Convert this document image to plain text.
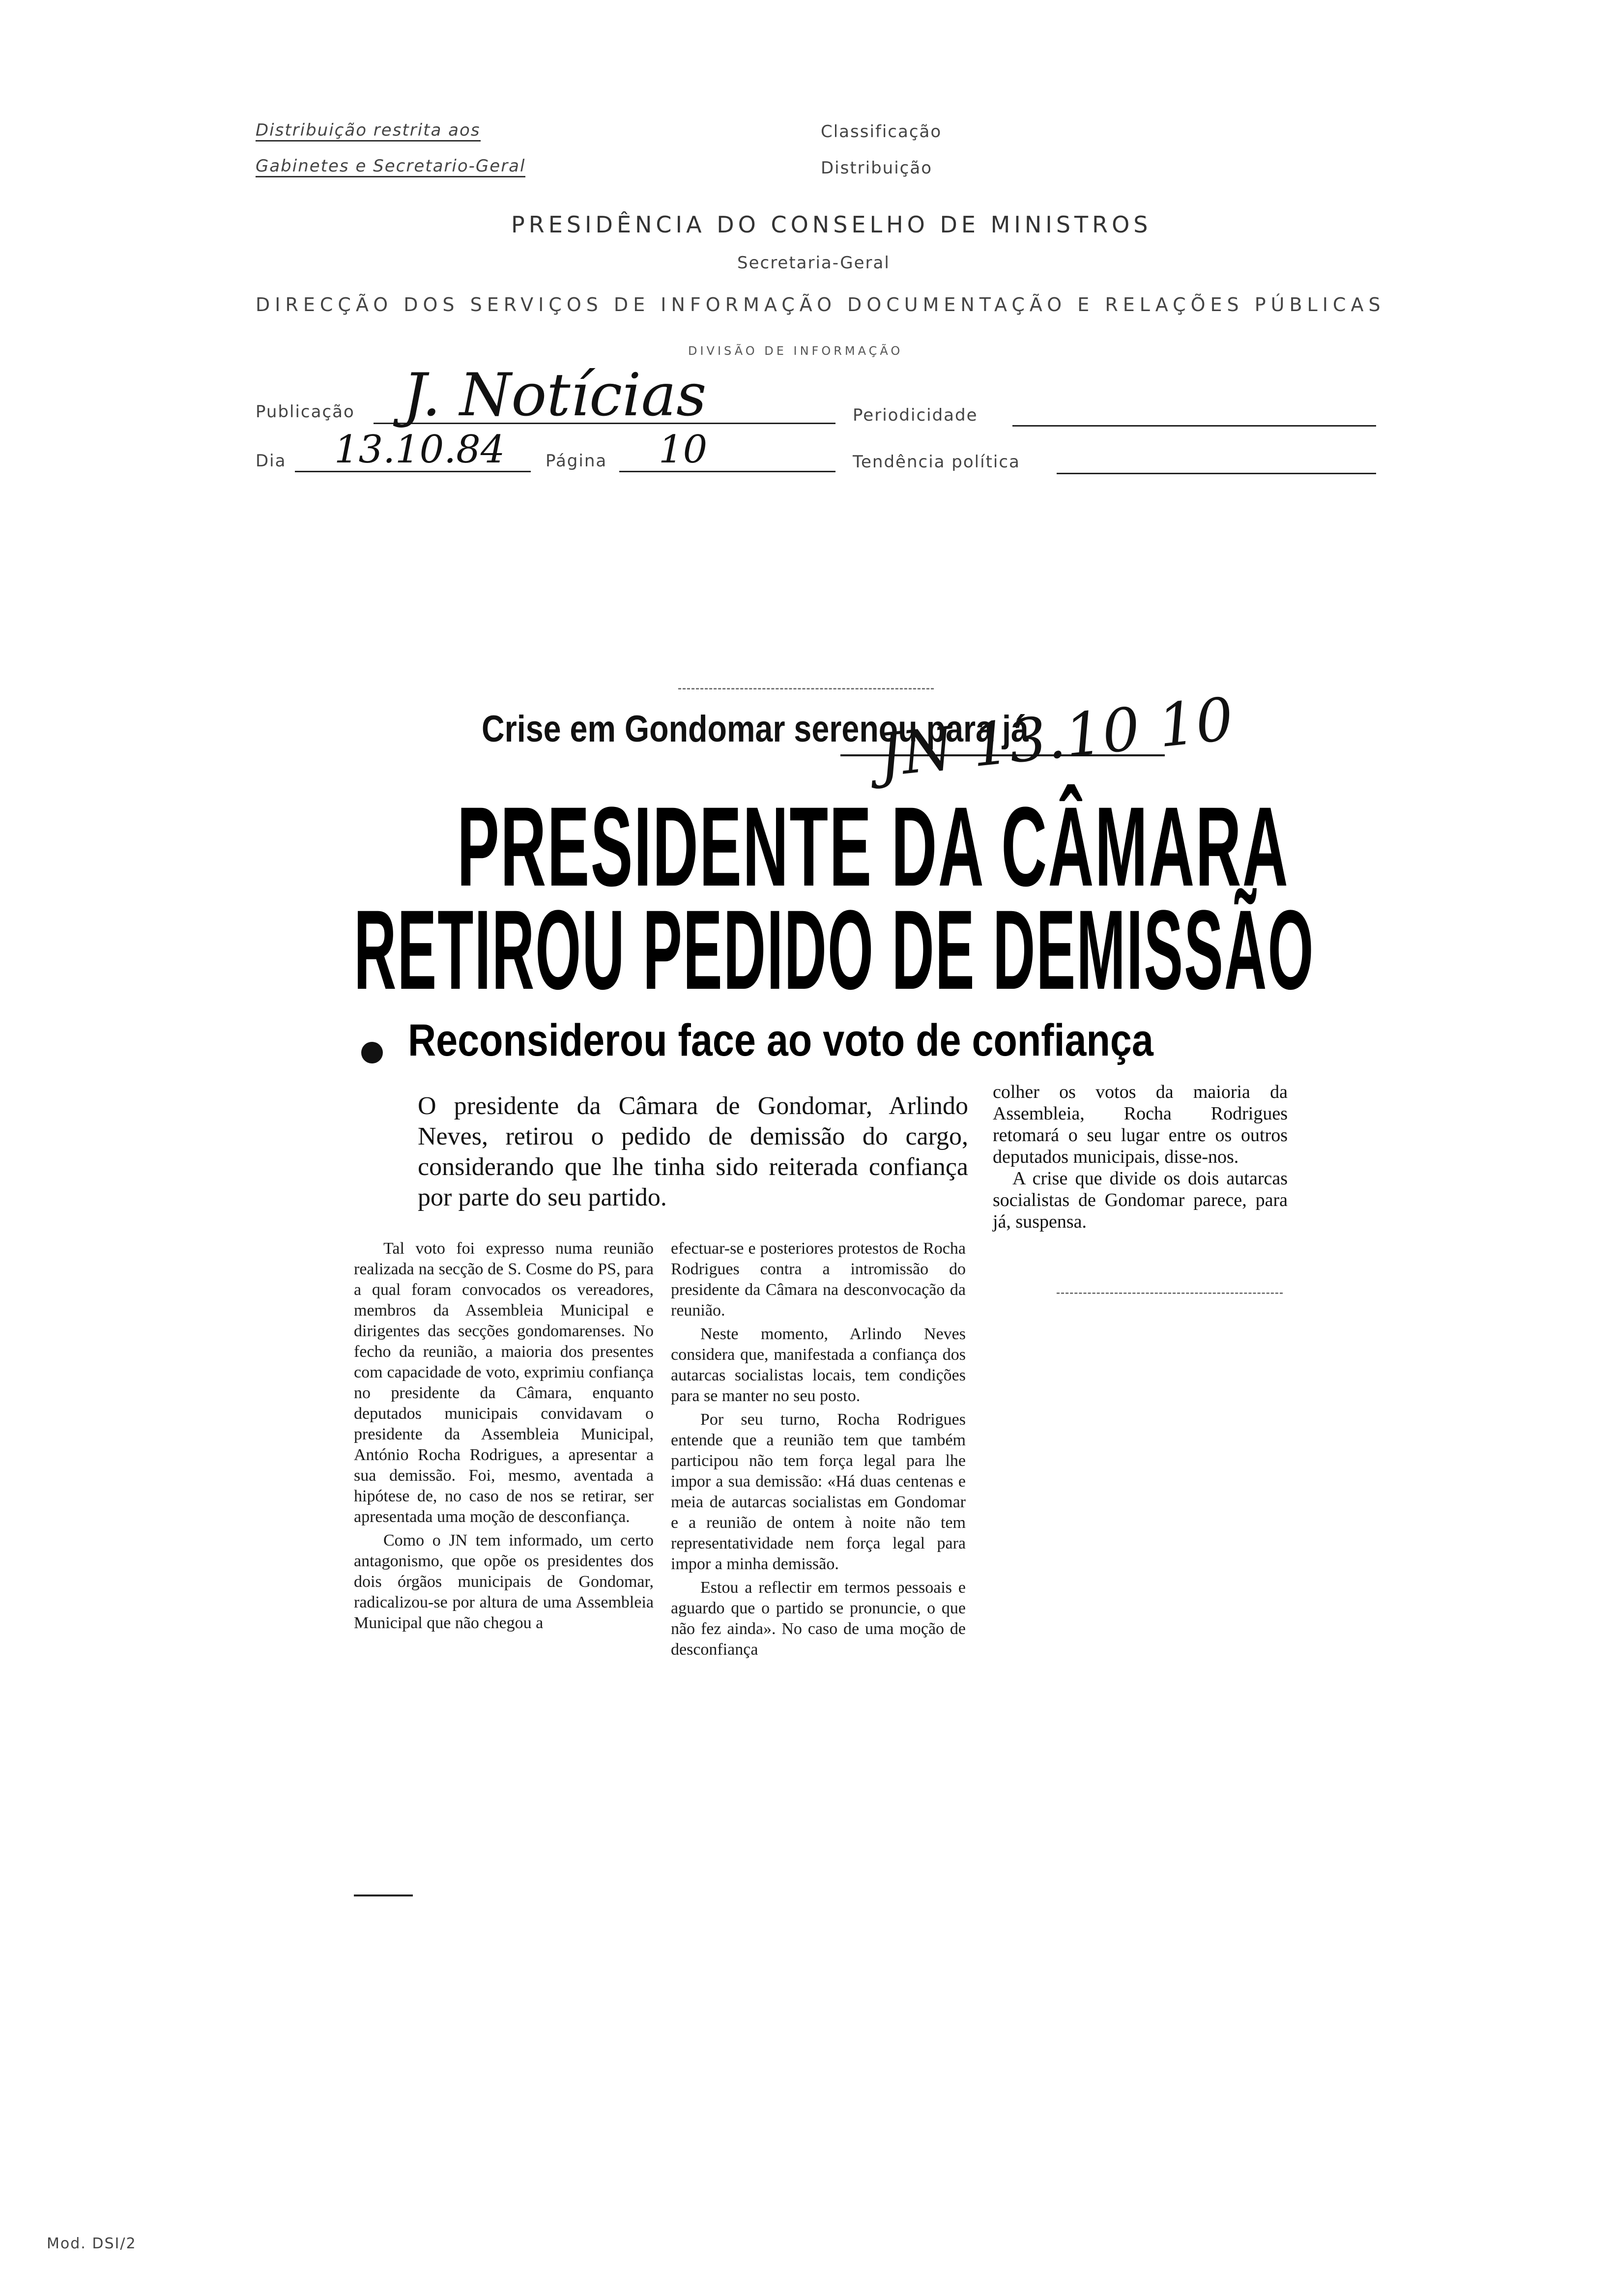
Distribuição restrita aos
Gabinetes e Secretario-Geral
Classificação
Distribuição
PRESIDÊNCIA DO CONSELHO DE MINISTROS
Secretaria-Geral
DIRECÇÃO DOS SERVIÇOS DE INFORMAÇÃO DOCUMENTAÇÃO E RELAÇÕES PÚBLICAS
DIVISÃO DE INFORMAÇÃO
Publicação J. Notícias	Periodicidade
Dia 13.10.84 Página 10	Tendência política
Crise em Gondomar serenou para já
JN 13.10 10
PRESIDENTE DA CÂMARA
RETIROU PEDIDO DE DEMISSÃO
Reconsiderou face ao voto de confiança
O presidente da Câmara de Gondomar, Arlindo Neves, retirou o pedido de demissão do cargo, considerando que lhe tinha sido reiterada confiança por parte do seu partido.

Tal voto foi expresso numa reunião realizada na secção de S. Cosme do PS, para a qual foram convocados os vereadores, membros da Assembleia Municipal e dirigentes das secções gondomarenses. No fecho da reunião, a maioria dos presentes com capacidade de voto, exprimiu confiança no presidente da Câmara, enquanto deputados municipais convidavam o presidente da Assembleia Municipal, António Rocha Rodrigues, a apresentar a sua demissão. Foi, mesmo, aventada a hipótese de, no caso de nos se retirar, ser apresentada uma moção de desconfiança.

Como o JN tem informado, um certo antagonismo, que opõe os presidentes dos dois órgãos municipais de Gondomar, radicalizou-se por altura de uma Assembleia Municipal que não chegou a

efectuar-se e posteriores protestos de Rocha Rodrigues contra a intromissão do presidente da Câmara na desconvocação da reunião.

Neste momento, Arlindo Neves considera que, manifestada a confiança dos autarcas socialistas locais, tem condições para se manter no seu posto.

Por seu turno, Rocha Rodrigues entende que a reunião tem que também participou não tem força legal para lhe impor a sua demissão: «Há duas centenas e meia de autarcas socialistas em Gondomar e a reunião de ontem à noite não tem representatividade nem força legal para impor a minha demissão.

Estou a reflectir em termos pessoais e aguardo que o partido se pronuncie, o que não fez ainda». No caso de uma moção de desconfiança

colher os votos da maioria da Assembleia, Rocha Rodrigues retomará o seu lugar entre os outros deputados municipais, disse-nos.

A crise que divide os dois autarcas socialistas de Gondomar parece, para já, suspensa.

Mod. DSI/2
